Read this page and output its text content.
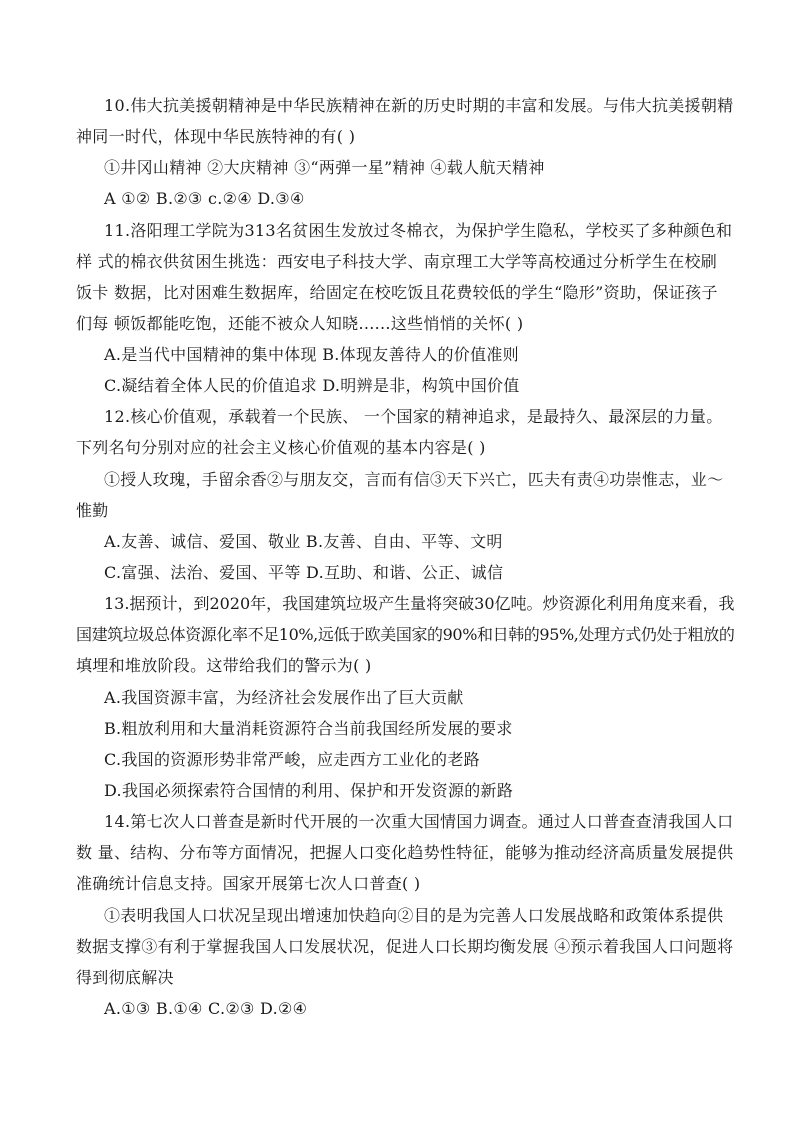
10.伟大抗美援朝精神是中华民族精神在新的历史时期的丰富和发展。与伟大抗美援朝精
神同一时代，体现中华民族特神的有( )
①井冈山精神 ②大庆精神 ③“两弹一星”精神 ④载人航天精神
A ①② B.②③ c.②④ D.③④
11.洛阳理工学院为313名贫困生发放过冬棉衣，为保护学生隐私，学校买了多种颜色和
样 式的棉衣供贫困生挑选：西安电子科技大学、南京理工大学等高校通过分析学生在校刷
饭卡 数据，比对困难生数据库，给固定在校吃饭且花费较低的学生“隐形”资助，保证孩子
们每 顿饭都能吃饱，还能不被众人知晓......这些悄悄的关怀( )
A.是当代中国精神的集中体现 B.体现友善待人的价值准则
C.凝结着全体人民的价值追求 D.明辨是非，构筑中国价值
12.核心价值观，承载着一个民族、 一个国家的精神追求，是最持久、最深层的力量。
下列名句分别对应的社会主义核心价值观的基本内容是( )
①授人玫瑰，手留余香②与朋友交，言而有信③天下兴亡，匹夫有责④功崇惟志，业～
惟勤
A.友善、诚信、爱国、敬业 B.友善、自由、平等、文明
C.富强、法治、爱国、平等 D.互助、和谐、公正、诚信
13.据预计，到2020年，我国建筑垃圾产生量将突破30亿吨。炒资源化利用角度来看，我
国建筑垃圾总体资源化率不足10%,远低于欧美国家的90%和日韩的95%,处理方式仍处于粗放的
填埋和堆放阶段。这带给我们的警示为( )
A.我国资源丰富，为经济社会发展作出了巨大贡献
B.粗放利用和大量消耗资源符合当前我国经所发展的要求
C.我国的资源形势非常严峻，应走西方工业化的老路
D.我国必须探索符合国情的利用、保护和开发资源的新路
14.第七次人口普查是新时代开展的一次重大国情国力调查。通过人口普查查清我国人口
数 量、结构、分布等方面情况，把握人口变化趋势性特征，能够为推动经济高质量发展提供
准确统计信息支持。国家开展第七次人口普查( )
①表明我国人口状况呈现出增速加快趋向②目的是为完善人口发展战略和政策体系提供
数据支撑③有利于掌握我国人口发展状况，促进人口长期均衡发展 ④预示着我国人口问题将
得到彻底解决
A.①③ B.①④ C.②③ D.②④
